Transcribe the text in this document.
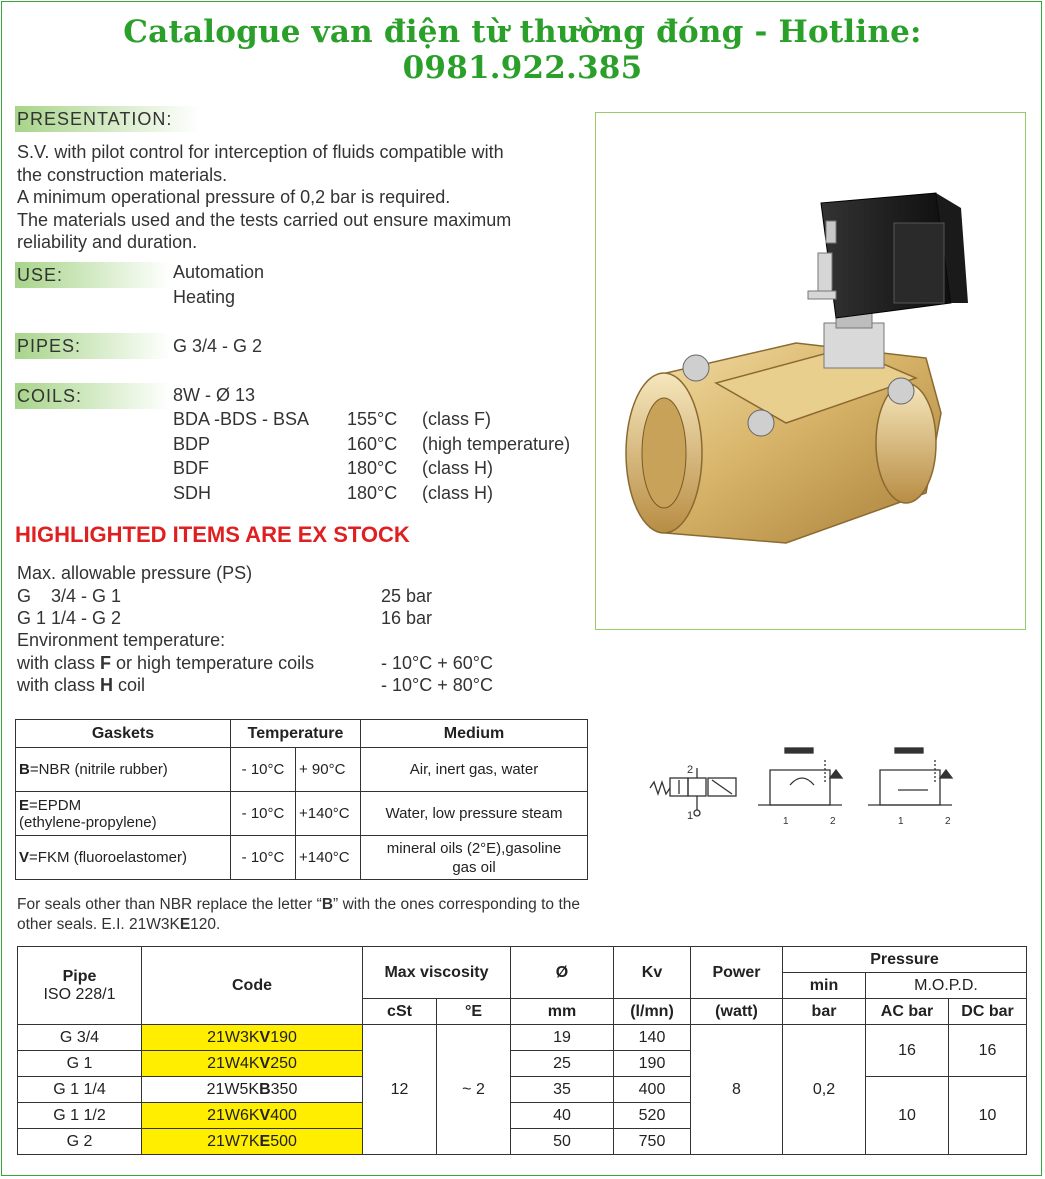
Catalogue van điện từ thường đóng - Hotline: 0981.922.385
PRESENTATION:
S.V. with pilot control for interception of fluids compatible with
the construction materials.
A minimum operational pressure of 0,2 bar is required.
The materials used and the tests carried out ensure maximum
reliability and duration.
USE:	Automation
Heating
PIPES:	G 3/4 - G 2
COILS:	8W - Ø 13
BDA -BDS - BSA 155°C (class F)
BDP	160°C (high temperature)
BDF	180°C (class H)
SDH	180°C (class H)
HIGHLIGHTED ITEMS ARE EX STOCK
Max. allowable pressure (PS)
G    3/4 - G 1	25 bar
G 1 1/4 - G 2	16 bar
Environment temperature:
with class F or high temperature coils	- 10°C + 60°C
with class H coil	- 10°C + 80°C
Gaskets	Temperature		Medium
B=NBR (nitrile rubber)	- 10°C	+ 90°C	Air, inert gas, water
E=EPDM
(ethylene-propylene)	- 10°C	+140°C	Water, low pressure steam
V=FKM (fluoroelastomer)	- 10°C	+140°C	mineral oils (2°E),gasoline
gas oil
For seals other than NBR replace the letter “B” with the ones corresponding to the other seals. E.I. 21W3KE120.
2
1	1	2	1	2
Pipe
ISO 228/1	Code	Max viscosity		Ø	Kv	Power	Pressure		
							min	M.O.P.D.	
		cSt	°E	mm	(l/mn)	(watt)	bar	AC bar	DC bar
G 3/4	21W3KV190	12	~ 2	19	140	8	0,2	16	16
G 1	21W4KV250			25	190				
G 1 1/4	21W5KB350			35	400			10	10
G 1 1/2	21W6KV400			40	520				
G 2	21W7KE500			50	750				
